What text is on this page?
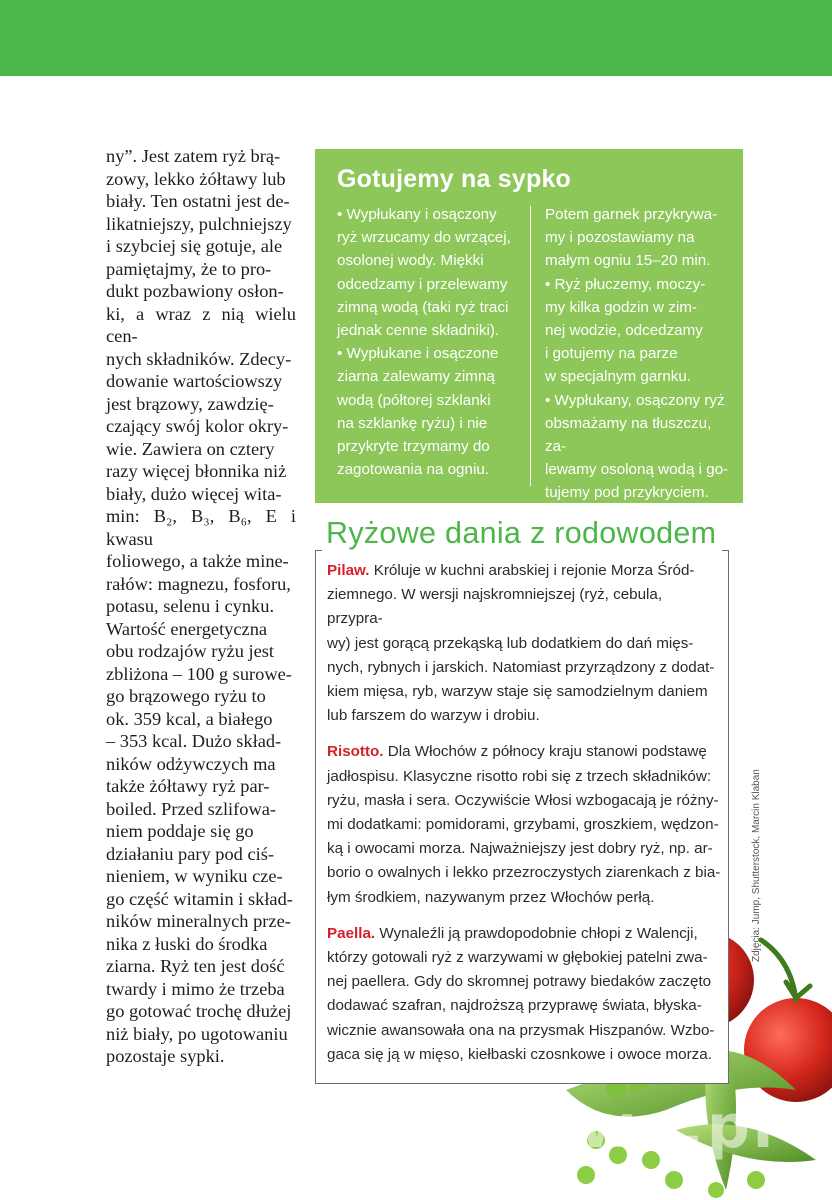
3

ny”. Jest zatem ryż brą-

zowy, lekko żółtawy lub

biały. Ten ostatni jest de-

likatniejszy, pulchniejszy

i szybciej się gotuje, ale

pamiętajmy, że to pro-

dukt pozbawiony osłon-

ki, a wraz z nią wielu cen-

nych składników. Zdecy-

dowanie wartościowszy

jest brązowy, zawdzię-

czający swój kolor okry-

wie. Zawiera on cztery

razy więcej błonnika niż

biały, dużo więcej wita-

min: B₂, B₃, B₆, E i kwasu

foliowego, a także mine-

rałów: magnezu, fosforu,

potasu, selenu i cynku.

Wartość energetyczna

obu rodzajów ryżu jest

zbliżona – 100 g surowe-

go brązowego ryżu to

ok. 359 kcal, a białego

– 353 kcal. Dużo skład-

ników odżywczych ma

także żółtawy ryż par-

boiled. Przed szlifowa-

niem poddaje się go

działaniu pary pod ciś-

nieniem, w wyniku cze-

go część witamin i skład-

ników mineralnych prze-

nika z łuski do środka

ziarna. Ryż ten jest dość

twardy i mimo że trzeba

go gotować trochę dłużej

niż biały, po ugotowaniu

pozostaje sypki.

Gotujemy na sypko

• Wypłukany i osączony

ryż wrzucamy do wrzącej,

osolonej wody. Miękki

odcedzamy i przelewamy

zimną wodą (taki ryż traci

jednak cenne składniki).

• Wypłukane i osączone

ziarna zalewamy zimną

wodą (półtorej szklanki

na szklankę ryżu) i nie

przykryte trzymamy do

zagotowania na ogniu.

Potem garnek przykrywa-

my i pozostawiamy na

małym ogniu 15–20 min.

• Ryż płuczemy, moczy-

my kilka godzin w zim-

nej wodzie, odcedzamy

i gotujemy na parze

w specjalnym garnku.

• Wypłukany, osączony ryż

obsmażamy na tłuszczu, za-

lewamy osoloną wodą i go-

tujemy pod przykryciem.

Ryżowe dania z rodowodem

Pilaw. Króluje w kuchni arabskiej i rejonie Morza Śród-
ziemnego. W wersji najskromniejszej (ryż, cebula, przypra-
wy) jest gorącą przekąską lub dodatkiem do dań mięs-
nych, rybnych i jarskich. Natomiast przyrządzony z dodat-
kiem mięsa, ryb, warzyw staje się samodzielnym daniem
lub farszem do warzyw i drobiu.

Risotto. Dla Włochów z północy kraju stanowi podstawę
jadłospisu. Klasyczne risotto robi się z trzech składników:
ryżu, masła i sera. Oczywiście Włosi wzbogacają je różny-
mi dodatkami: pomidorami, grzybami, groszkiem, wędzon-
ką i owocami morza. Najważniejszy jest dobry ryż, np. ar-
borio o owalnych i lekko przezroczystych ziarenkach z bia-
łym środkiem, nazywanym przez Włochów perłą.

Paella. Wynaleźli ją prawdopodobnie chłopi z Walencji,
którzy gotowali ryż z warzywami w głębokiej patelni zwa-
nej paellera. Gdy do skromnej potrawy biedaków zaczęto
dodawać szafran, najdroższą przyprawę świata, błyska-
wicznie awansowała ona na przysmak Hiszpanów. Wzbo-
gaca się ją w mięso, kiełbaski czosnkowe i owoce morza.

Zdjęcia: Jump, Shutterstock, Marcin Klaban
wedlinydomowe.pl
